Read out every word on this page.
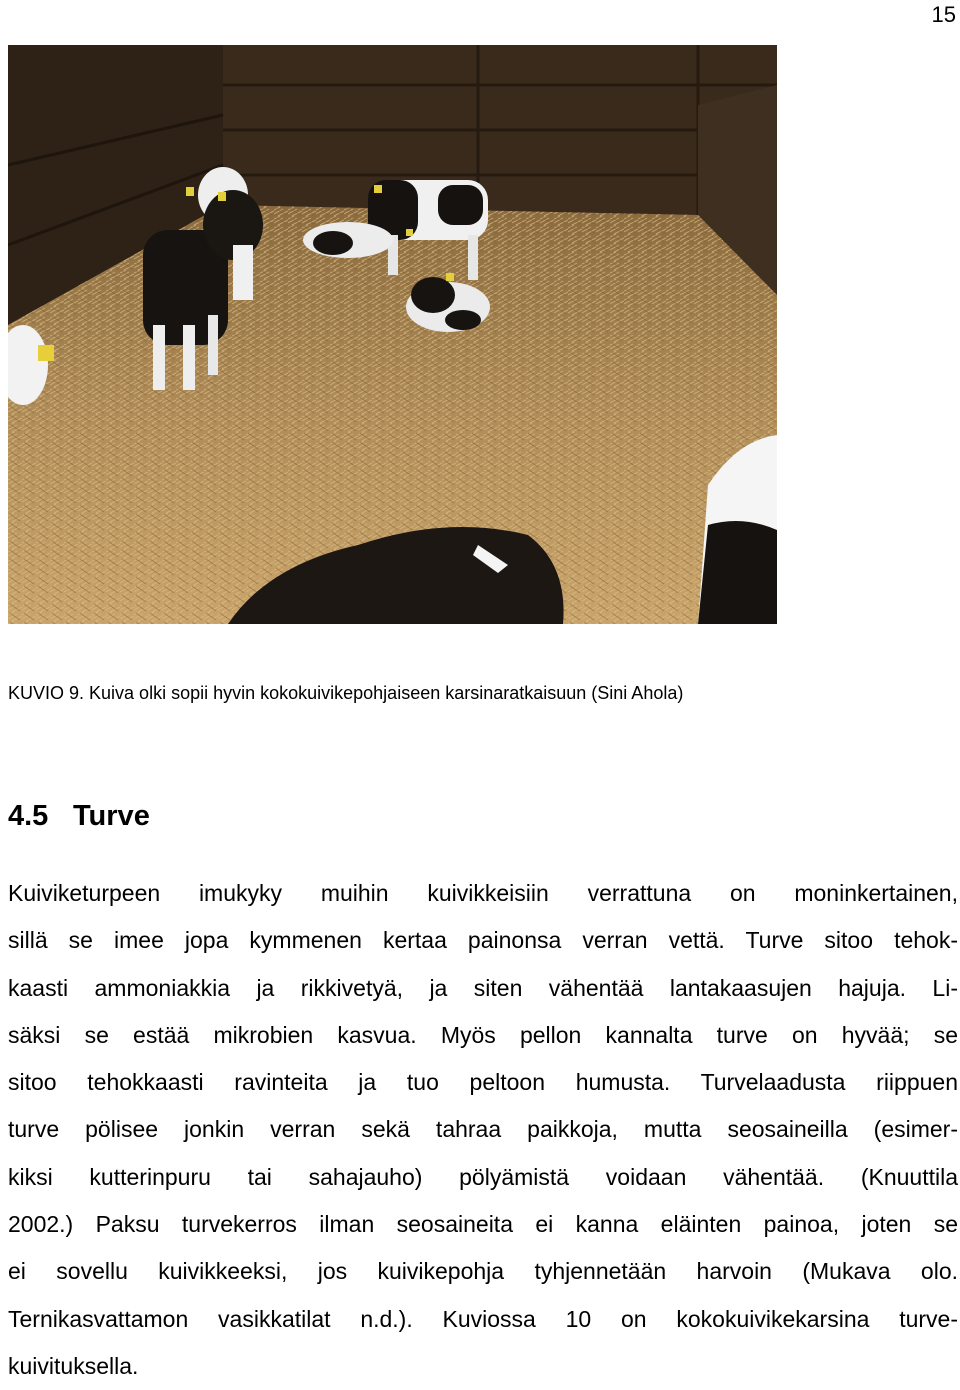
15
KUVIO 9. Kuiva olki sopii hyvin kokokuivikepohjaiseen karsinaratkaisuun (Sini Ahola)
4.5 Turve

Kuiviketurpeen imukyky muihin kuivikkeisiin verrattuna on moninkertainen,
sillä se imee jopa kymmenen kertaa painonsa verran vettä. Turve sitoo tehok-
kaasti ammoniakkia ja rikkivetyä, ja siten vähentää lantakaasujen hajuja. Li-
säksi se estää mikrobien kasvua. Myös pellon kannalta turve on hyvää; se
sitoo tehokkaasti ravinteita ja tuo peltoon humusta. Turvelaadusta riippuen
turve pölisee jonkin verran sekä tahraa paikkoja, mutta seosaineilla (esimer-
kiksi kutterinpuru tai sahajauho) pölyämistä voidaan vähentää. (Knuuttila
2002.) Paksu turvekerros ilman seosaineita ei kanna eläinten painoa, joten se
ei sovellu kuivikkeeksi, jos kuivikepohja tyhjennetään harvoin (Mukava olo.
Ternikasvattamon vasikkatilat n.d.). Kuviossa 10 on kokokuivikekarsina turve-
kuivituksella.
